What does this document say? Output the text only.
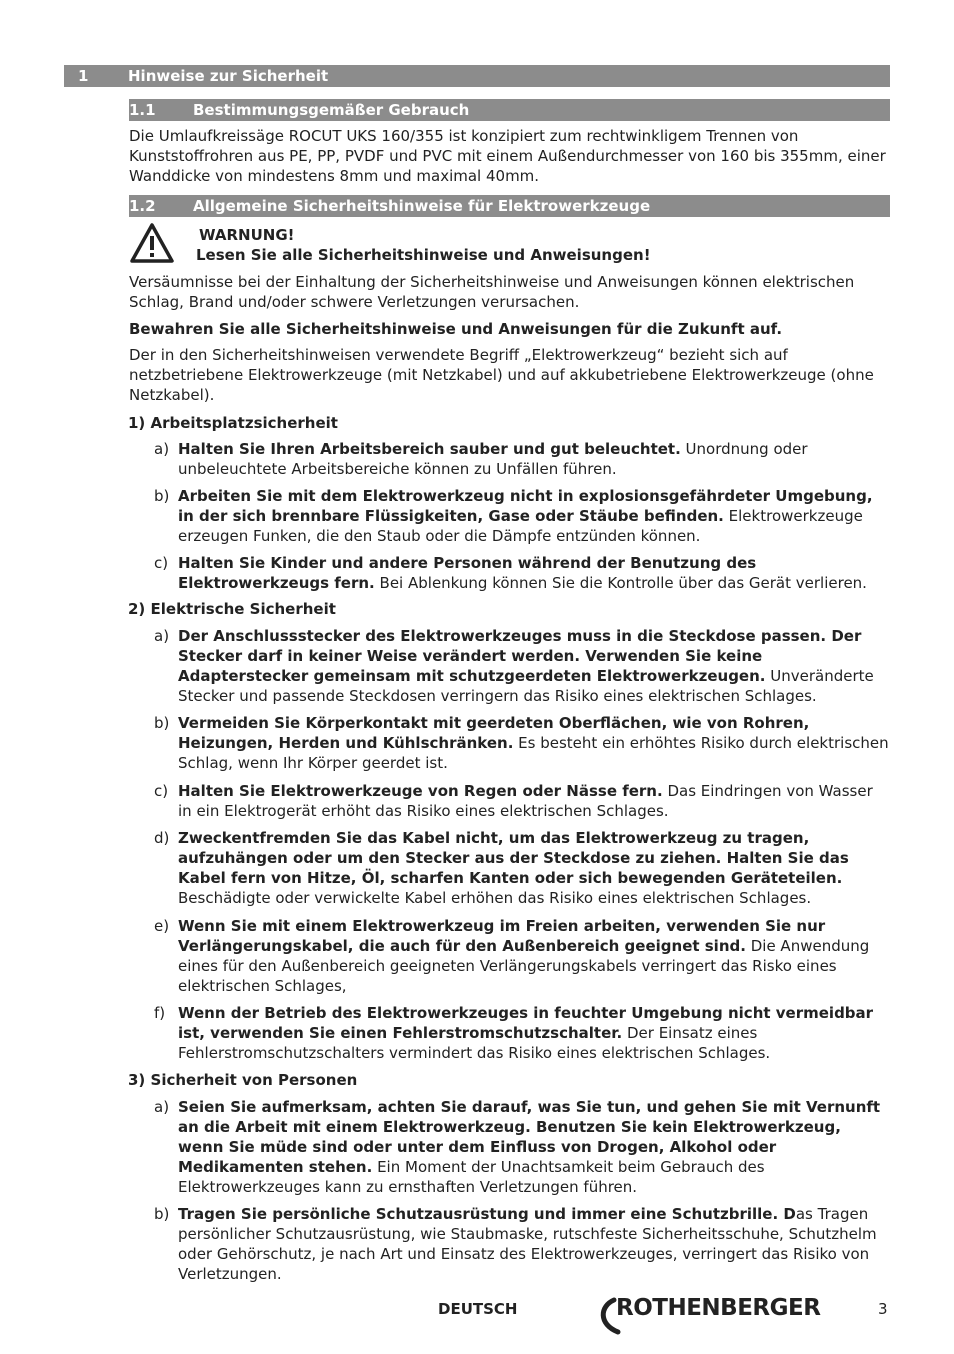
1	Hinweise zur Sicherheit
1.1 Bestimmungsgemäßer Gebrauch
Die Umlaufkreissäge ROCUT UKS 160/355 ist konzipiert zum rechtwinkligem Trennen von Kunststoffrohren aus PE, PP, PVDF und PVC mit einem Außendurchmesser von 160 bis 355mm, einer Wanddicke von mindestens 8mm und maximal 40mm.
1.2 Allgemeine Sicherheitshinweise für Elektrowerkzeuge
WARNUNG!
Lesen Sie alle Sicherheitshinweise und Anweisungen!
Versäumnisse bei der Einhaltung der Sicherheitshinweise und Anweisungen können elektrischen Schlag, Brand und/oder schwere Verletzungen verursachen.
Bewahren Sie alle Sicherheitshinweise und Anweisungen für die Zukunft auf.
Der in den Sicherheitshinweisen verwendete Begriff „Elektrowerkzeug“ bezieht sich auf netzbetriebene Elektrowerkzeuge (mit Netzkabel) und auf akkubetriebene Elektrowerkzeuge (ohne Netzkabel).
1) Arbeitsplatzsicherheit
a) Halten Sie Ihren Arbeitsbereich sauber und gut beleuchtet. Unordnung oder unbeleuchtete Arbeitsbereiche können zu Unfällen führen.
b) Arbeiten Sie mit dem Elektrowerkzeug nicht in explosionsgefährdeter Umgebung, in der sich brennbare Flüssigkeiten, Gase oder Stäube befinden. Elektrowerkzeuge erzeugen Funken, die den Staub oder die Dämpfe entzünden können.
c) Halten Sie Kinder und andere Personen während der Benutzung des Elektrowerkzeugs fern. Bei Ablenkung können Sie die Kontrolle über das Gerät verlieren.
2) Elektrische Sicherheit
a) Der Anschlussstecker des Elektrowerkzeuges muss in die Steckdose passen. Der Stecker darf in keiner Weise verändert werden. Verwenden Sie keine Adapterstecker gemeinsam mit schutzgeerdeten Elektrowerkzeugen. Unveränderte Stecker und passende Steckdosen verringern das Risiko eines elektrischen Schlages.
b) Vermeiden Sie Körperkontakt mit geerdeten Oberflächen, wie von Rohren, Heizungen, Herden und Kühlschränken. Es besteht ein erhöhtes Risiko durch elektrischen Schlag, wenn Ihr Körper geerdet ist.
c) Halten Sie Elektrowerkzeuge von Regen oder Nässe fern. Das Eindringen von Wasser in ein Elektrogerät erhöht das Risiko eines elektrischen Schlages.
d) Zweckentfremden Sie das Kabel nicht, um das Elektrowerkzeug zu tragen, aufzuhängen oder um den Stecker aus der Steckdose zu ziehen. Halten Sie das Kabel fern von Hitze, Öl, scharfen Kanten oder sich bewegenden Geräteteilen. Beschädigte oder verwickelte Kabel erhöhen das Risiko eines elektrischen Schlages.
e) Wenn Sie mit einem Elektrowerkzeug im Freien arbeiten, verwenden Sie nur Verlängerungskabel, die auch für den Außenbereich geeignet sind. Die Anwendung eines für den Außenbereich geeigneten Verlängerungskabels verringert das Risko eines elektrischen Schlages,
f) Wenn der Betrieb des Elektrowerkzeuges in feuchter Umgebung nicht vermeidbar ist, verwenden Sie einen Fehlerstromschutzschalter. Der Einsatz eines Fehlerstromschutzschalters vermindert das Risiko eines elektrischen Schlages.
3) Sicherheit von Personen
a) Seien Sie aufmerksam, achten Sie darauf, was Sie tun, und gehen Sie mit Vernunft an die Arbeit mit einem Elektrowerkzeug. Benutzen Sie kein Elektrowerkzeug, wenn Sie müde sind oder unter dem Einfluss von Drogen, Alkohol oder Medikamenten stehen. Ein Moment der Unachtsamkeit beim Gebrauch des Elektrowerkzeuges kann zu ernsthaften Verletzungen führen.
b) Tragen Sie persönliche Schutzausrüstung und immer eine Schutzbrille. Das Tragen persönlicher Schutzausrüstung, wie Staubmaske, rutschfeste Sicherheitsschuhe, Schutzhelm oder Gehörschutz, je nach Art und Einsatz des Elektrowerkzeuges, verringert das Risiko von Verletzungen.
DEUTSCH	ROTHENBERGER	3
